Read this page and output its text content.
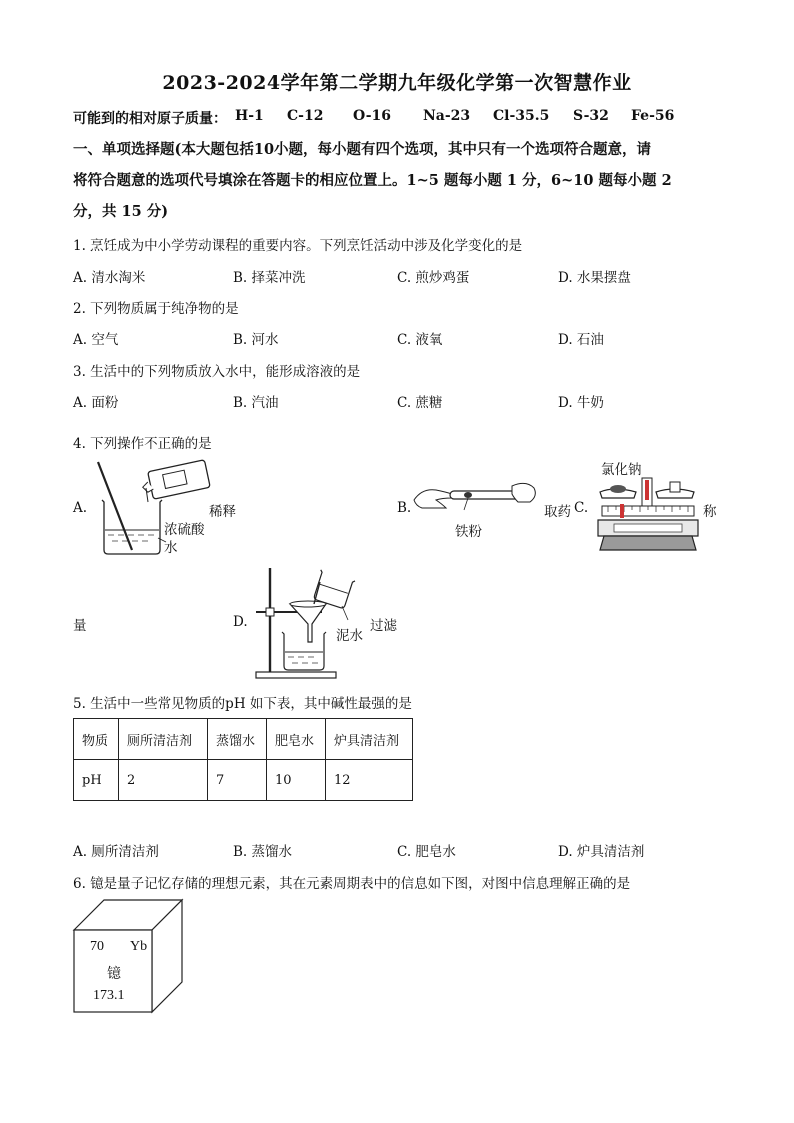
2023-2024学年第二学期九年级化学第一次智慧作业
可能到的相对原子质量： H-1	C-12	O-16	Na-23	Cl-35.5	S-32	Fe-56
一、单项选择题(本大题包括10小题，每小题有四个选项，其中只有一个选项符合题意，请
将符合题意的选项代号填涂在答题卡的相应位置上。1~5 题每小题 1 分，6~10 题每小题 2
分，共 15 分)
1. 烹饪成为中小学劳动课程的重要内容。下列烹饪活动中涉及化学变化的是
A. 清水淘米	B. 择菜冲洗	C. 煎炒鸡蛋	D. 水果摆盘
2. 下列物质属于纯净物的是
A. 空气	B. 河水	C. 液氧	D. 石油
3. 生活中的下列物质放入水中，能形成溶液的是
A. 面粉	B. 汽油	C. 蔗糖	D. 牛奶
4. 下列操作不正确的是
A.	稀释
浓硫酸
水
B.
铁粉
取药 C.
氯化钠
称
量	D.
泥水
过滤
5. 生活中一些常见物质的pH 如下表，其中碱性最强的是
物质	厕所清洁剂	蒸馏水	肥皂水	炉具清洁剂
pH	2	7	10	12
A. 厕所清洁剂	B. 蒸馏水	C. 肥皂水	D. 炉具清洁剂
6. 镱是量子记忆存储的理想元素，其在元素周期表中的信息如下图，对图中信息理解正确的是
70 Yb
镱
173.1
